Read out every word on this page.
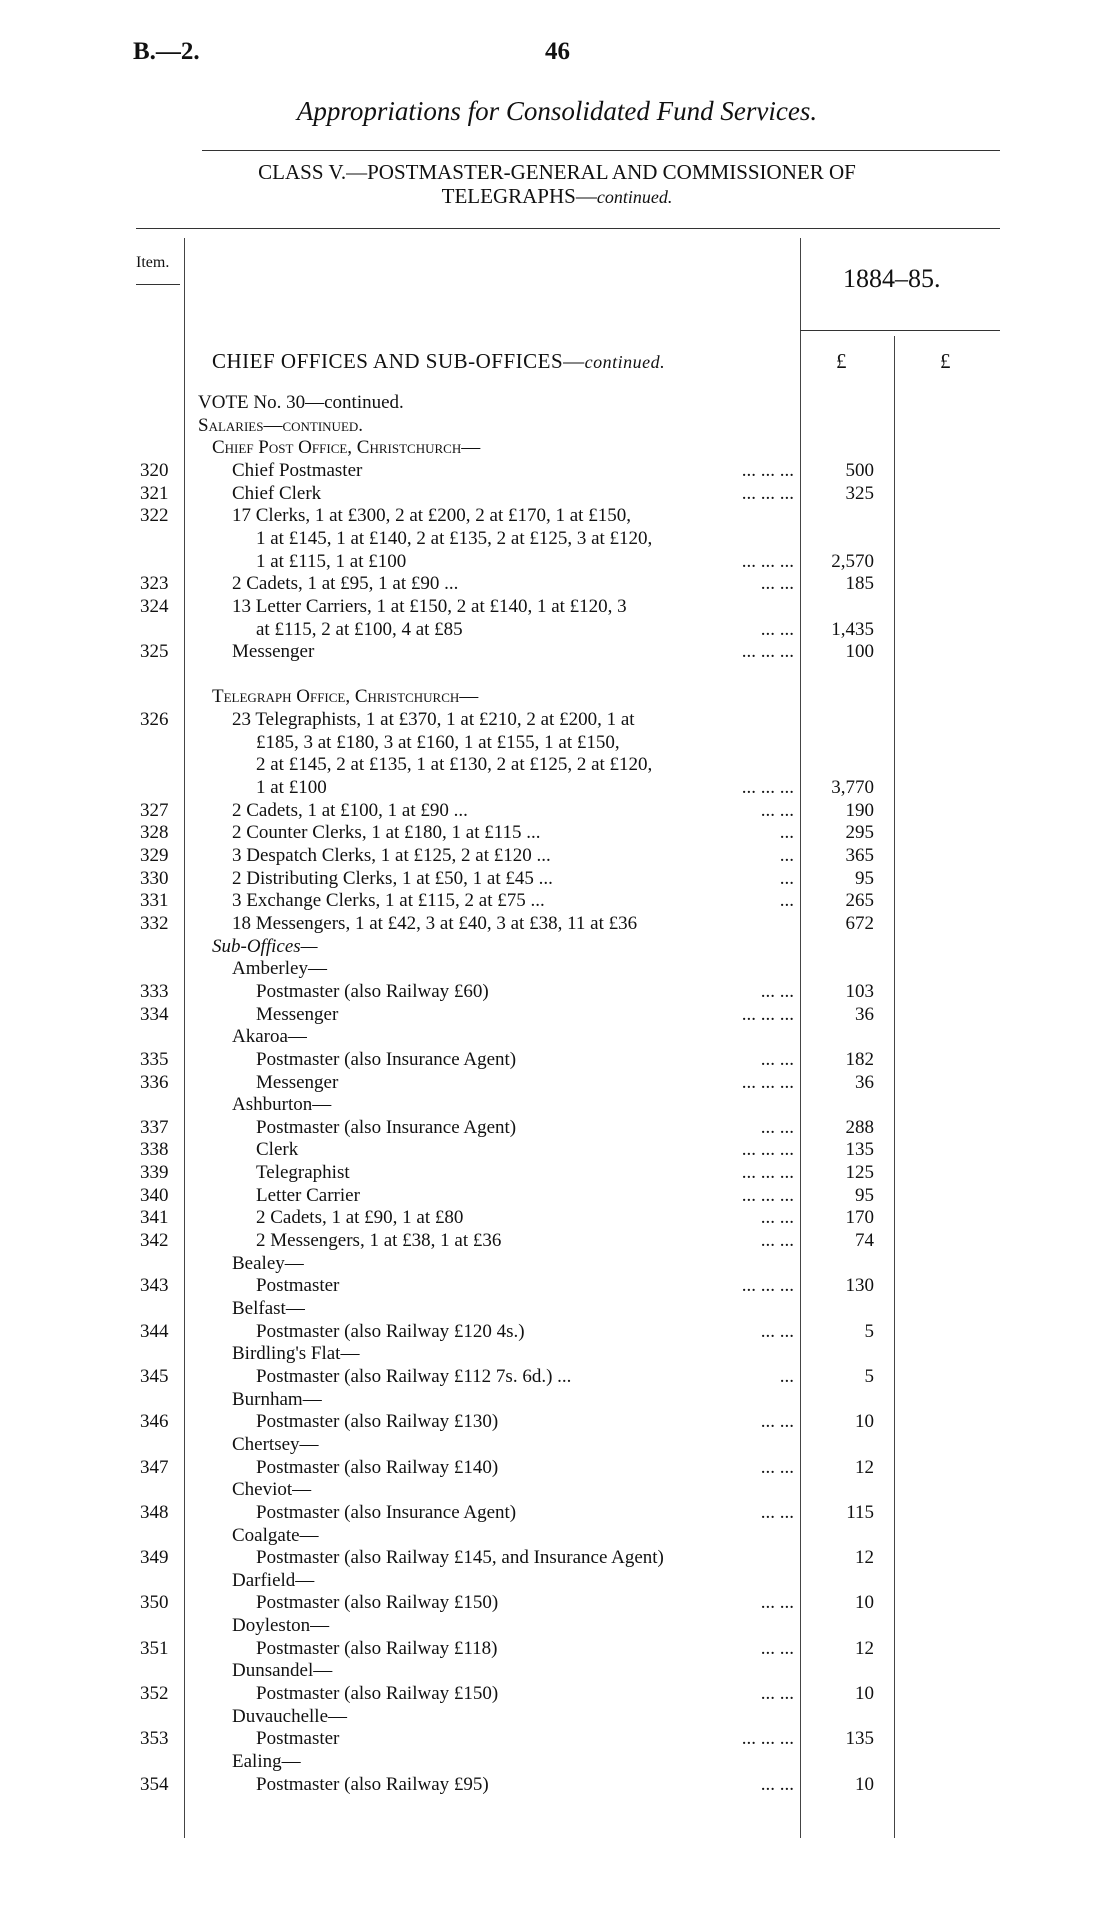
B.—2.	46
Appropriations for Consolidated Fund Services.
CLASS V.—POSTMASTER-GENERAL AND COMMISSIONER OF
TELEGRAPHS—continued.
Item.
1884–85.
CHIEF OFFICES AND SUB-OFFICES—continued.	£	£
VOTE No. 30—continued.
Salaries—continued.
Chief Post Office, Christchurch—
320	Chief Postmaster	... ... ...	500
321	Chief Clerk	... ... ...	325
322	17 Clerks, 1 at £300, 2 at £200, 2 at £170, 1 at £150,
1 at £145, 1 at £140, 2 at £135, 2 at £125, 3 at £120,
1 at £115, 1 at £100	... ... ... 2,570
323	2 Cadets, 1 at £95, 1 at £90 ...	... ...	185
324	13 Letter Carriers, 1 at £150, 2 at £140, 1 at £120, 3
at £115, 2 at £100, 4 at £85	... ... 1,435
325	Messenger	... ... ...	100
Telegraph Office, Christchurch—
326	23 Telegraphists, 1 at £370, 1 at £210, 2 at £200, 1 at
£185, 3 at £180, 3 at £160, 1 at £155, 1 at £150,
2 at £145, 2 at £135, 1 at £130, 2 at £125, 2 at £120,
1 at £100	... ... ... 3,770
327	2 Cadets, 1 at £100, 1 at £90 ...	... ...	190
328	2 Counter Clerks, 1 at £180, 1 at £115 ...	...	295
329	3 Despatch Clerks, 1 at £125, 2 at £120 ...	...	365
330	2 Distributing Clerks, 1 at £50, 1 at £45 ...	...	95
331	3 Exchange Clerks, 1 at £115, 2 at £75 ...	...	265
332	18 Messengers, 1 at £42, 3 at £40, 3 at £38, 11 at £36	672
Sub-Offices—
Amberley—
333	Postmaster (also Railway £60)	... ...	103
334	Messenger	... ... ...	36
Akaroa—
335	Postmaster (also Insurance Agent)	... ...	182
336	Messenger	... ... ...	36
Ashburton—
337	Postmaster (also Insurance Agent)	... ...	288
338	Clerk	... ... ...	135
339	Telegraphist	... ... ...	125
340	Letter Carrier	... ... ...	95
341	2 Cadets, 1 at £90, 1 at £80	... ...	170
342	2 Messengers, 1 at £38, 1 at £36	... ...	74
Bealey—
343	Postmaster	... ... ...	130
Belfast—
344	Postmaster (also Railway £120 4s.)	... ...	5
Birdling's Flat—
345	Postmaster (also Railway £112 7s. 6d.) ...	...	5
Burnham—
346	Postmaster (also Railway £130)	... ...	10
Chertsey—
347	Postmaster (also Railway £140)	... ...	12
Cheviot—
348	Postmaster (also Insurance Agent)	... ...	115
Coalgate—
349	Postmaster (also Railway £145, and Insurance Agent)	12
Darfield—
350	Postmaster (also Railway £150)	... ...	10
Doyleston—
351	Postmaster (also Railway £118)	... ...	12
Dunsandel—
352	Postmaster (also Railway £150)	... ...	10
Duvauchelle—
353	Postmaster	... ... ...	135
Ealing—
354	Postmaster (also Railway £95)	... ...	10
